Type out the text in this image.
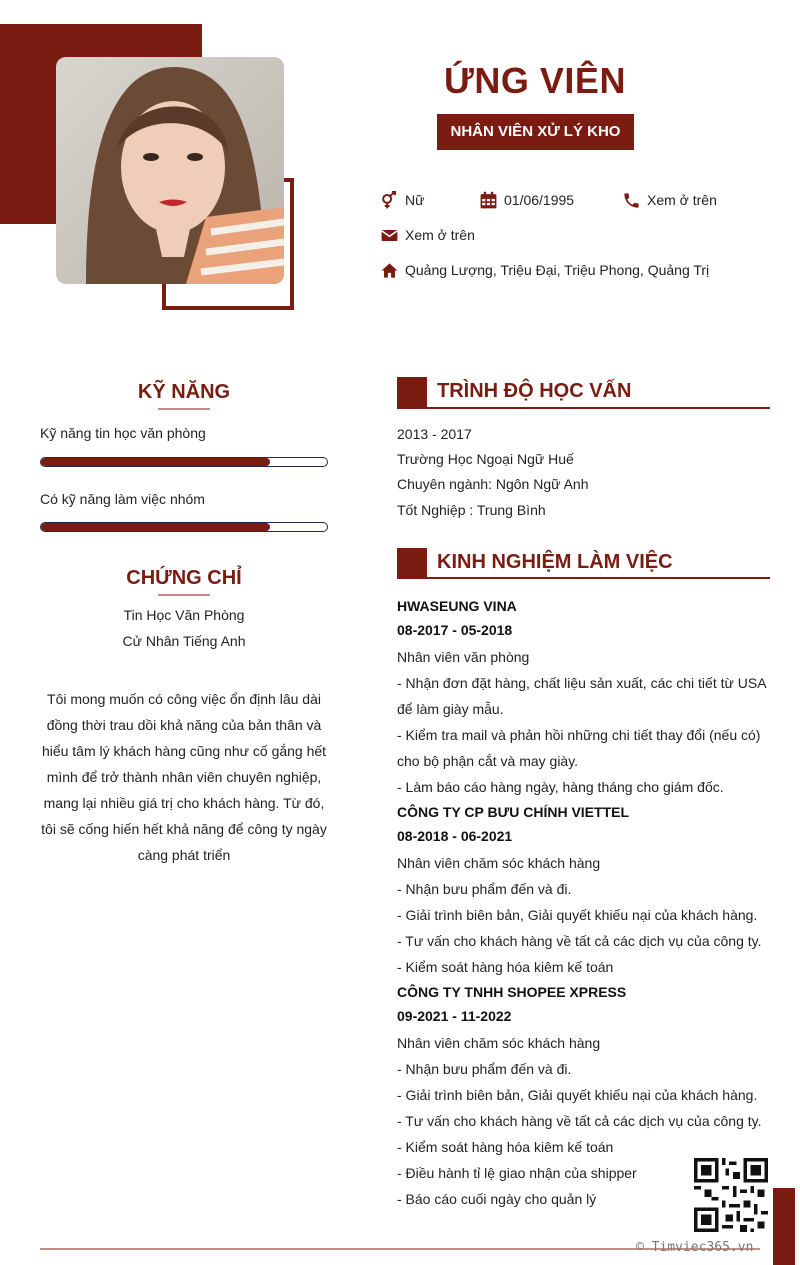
ỨNG VIÊN
NHÂN VIÊN XỬ LÝ KHO
Nữ	01/06/1995	Xem ở trên
Xem ở trên
Quảng Lượng, Triệu Đại, Triệu Phong, Quảng Trị
KỸ NĂNG
Kỹ năng tin học văn phòng
Có kỹ năng làm việc nhóm
CHỨNG CHỈ
Tin Học Văn Phòng
Cử Nhân Tiếng Anh
Tôi mong muốn có công việc ổn định lâu dài đồng thời trau dồi khả năng của bản thân và hiểu tâm lý khách hàng cũng như cố gắng hết mình để trở thành nhân viên chuyên nghiệp, mang lại nhiều giá trị cho khách hàng. Từ đó, tôi sẽ cống hiến hết khả năng để công ty ngày càng phát triển
TRÌNH ĐỘ HỌC VẤN
2013 - 2017
Trường Học Ngoại Ngữ Huế
Chuyên ngành: Ngôn Ngữ Anh
Tốt Nghiệp : Trung Bình
KINH NGHIỆM LÀM VIỆC
HWASEUNG VINA
08-2017 - 05-2018
Nhân viên văn phòng
- Nhận đơn đặt hàng, chất liệu sản xuất, các chi tiết từ USA để làm giày mẫu.
- Kiểm tra mail và phản hồi những chi tiết thay đổi (nếu có) cho bộ phận cắt và may giày.
- Làm báo cáo hàng ngày, hàng tháng cho giám đốc.
CÔNG TY CP BƯU CHÍNH VIETTEL
08-2018 - 06-2021
Nhân viên chăm sóc khách hàng
- Nhận bưu phẩm đến và đi.
- Giải trình biên bản, Giải quyết khiếu nại của khách hàng.
- Tư vấn cho khách hàng về tất cả các dịch vụ của công ty.
- Kiểm soát hàng hóa kiêm kế toán
CÔNG TY TNHH SHOPEE XPRESS
09-2021 - 11-2022
Nhân viên chăm sóc khách hàng
- Nhận bưu phẩm đến và đi.
- Giải trình biên bản, Giải quyết khiếu nại của khách hàng.
- Tư vấn cho khách hàng về tất cả các dịch vụ của công ty.
- Kiểm soát hàng hóa kiêm kế toán
- Điều hành tỉ lệ giao nhận của shipper
- Báo cáo cuối ngày cho quản lý
© Timviec365.vn
